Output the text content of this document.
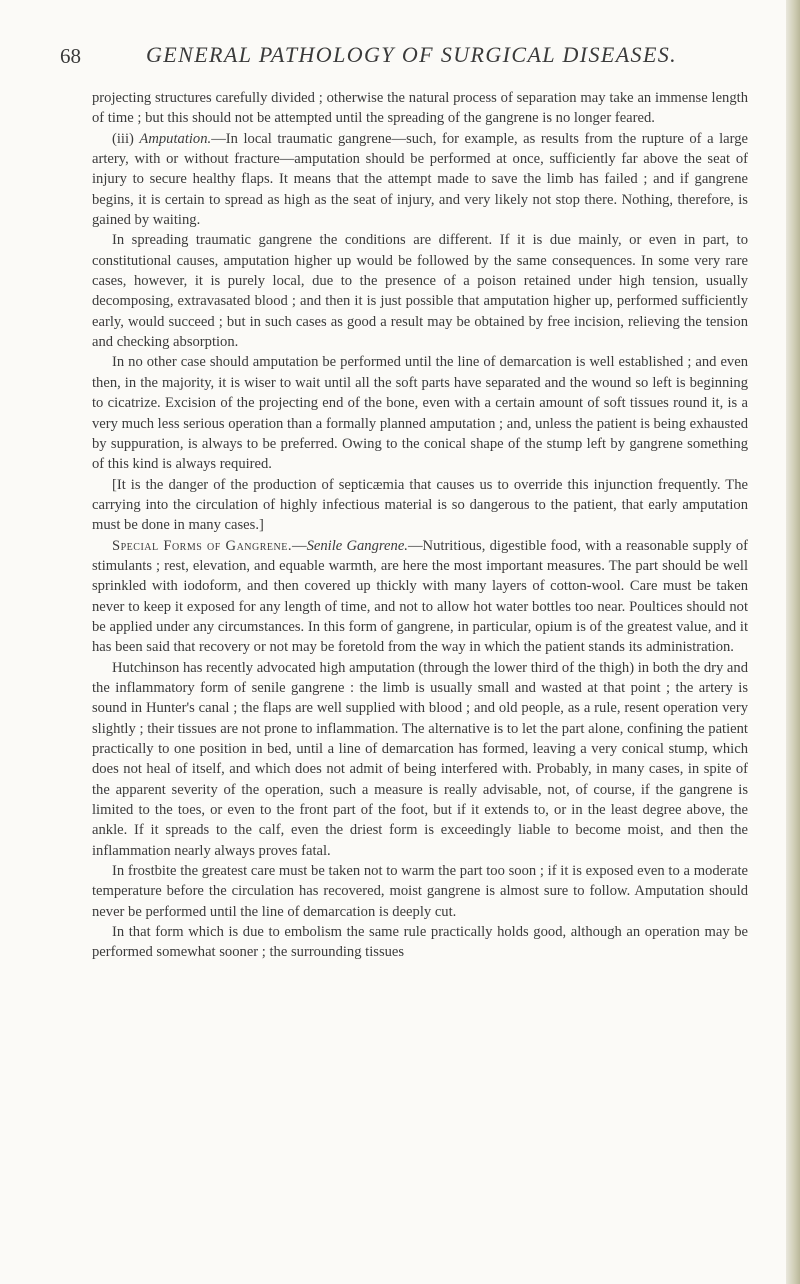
68	GENERAL PATHOLOGY OF SURGICAL DISEASES.

projecting structures carefully divided ; otherwise the natural process of separation may take an immense length of time ; but this should not be attempted until the spreading of the gangrene is no longer feared.

(iii) Amputation.—In local traumatic gangrene—such, for example, as results from the rupture of a large artery, with or without fracture—amputation should be performed at once, sufficiently far above the seat of injury to secure healthy flaps. It means that the attempt made to save the limb has failed ; and if gangrene begins, it is certain to spread as high as the seat of injury, and very likely not stop there. Nothing, therefore, is gained by waiting.

In spreading traumatic gangrene the conditions are different. If it is due mainly, or even in part, to constitutional causes, amputation higher up would be followed by the same consequences. In some very rare cases, however, it is purely local, due to the presence of a poison retained under high tension, usually decomposing, extravasated blood ; and then it is just possible that amputation higher up, performed sufficiently early, would succeed ; but in such cases as good a result may be obtained by free incision, relieving the tension and checking absorption.

In no other case should amputation be performed until the line of demarcation is well established ; and even then, in the majority, it is wiser to wait until all the soft parts have separated and the wound so left is beginning to cicatrize. Excision of the projecting end of the bone, even with a certain amount of soft tissues round it, is a very much less serious operation than a formally planned amputation ; and, unless the patient is being exhausted by suppuration, is always to be preferred. Owing to the conical shape of the stump left by gangrene something of this kind is always required.

[It is the danger of the production of septicæmia that causes us to override this injunction frequently. The carrying into the circulation of highly infectious material is so dangerous to the patient, that early amputation must be done in many cases.]

Special Forms of Gangrene.—Senile Gangrene.—Nutritious, digestible food, with a reasonable supply of stimulants ; rest, elevation, and equable warmth, are here the most important measures. The part should be well sprinkled with iodoform, and then covered up thickly with many layers of cotton-wool. Care must be taken never to keep it exposed for any length of time, and not to allow hot water bottles too near. Poultices should not be applied under any circumstances. In this form of gangrene, in particular, opium is of the greatest value, and it has been said that recovery or not may be foretold from the way in which the patient stands its administration.

Hutchinson has recently advocated high amputation (through the lower third of the thigh) in both the dry and the inflammatory form of senile gangrene : the limb is usually small and wasted at that point ; the artery is sound in Hunter's canal ; the flaps are well supplied with blood ; and old people, as a rule, resent operation very slightly ; their tissues are not prone to inflammation. The alternative is to let the part alone, confining the patient practically to one position in bed, until a line of demarcation has formed, leaving a very conical stump, which does not heal of itself, and which does not admit of being interfered with. Probably, in many cases, in spite of the apparent severity of the operation, such a measure is really advisable, not, of course, if the gangrene is limited to the toes, or even to the front part of the foot, but if it extends to, or in the least degree above, the ankle. If it spreads to the calf, even the driest form is exceedingly liable to become moist, and then the inflammation nearly always proves fatal.

In frostbite the greatest care must be taken not to warm the part too soon ; if it is exposed even to a moderate temperature before the circulation has recovered, moist gangrene is almost sure to follow. Amputation should never be performed until the line of demarcation is deeply cut.

In that form which is due to embolism the same rule practically holds good, although an operation may be performed somewhat sooner ; the surrounding tissues
